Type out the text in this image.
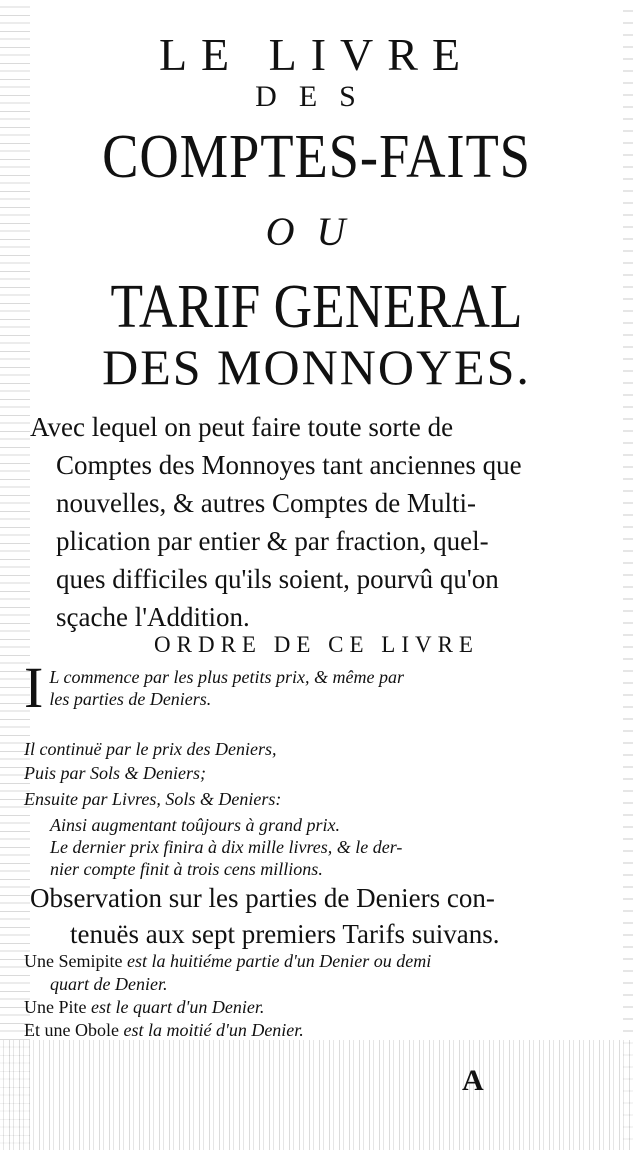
LE LIVRE
DES
COMPTES-FAITS
OU
TARIF GENERAL
DES MONNOYES.
Avec lequel on peut faire toute sorte de
Comptes des Monnoyes tant anciennes que
nouvelles, & autres Comptes de Multi-
plication par entier & par fraction, quel-
ques difficiles qu'ils soient, pourvû qu'on
sçache l'Addition.
ORDRE DE CE LIVRE
I L commence par les plus petits prix, & même par
les parties de Deniers.
Il continuë par le prix des Deniers,
Puis par Sols & Deniers;
Ensuite par Livres, Sols & Deniers:
Ainsi augmentant toûjours à grand prix.
Le dernier prix finira à dix mille livres, & le der-
nier compte finit à trois cens millions.
Observation sur les parties de Deniers con-
tenuës aux sept premiers Tarifs suivans.
Une Semipite est la huitiéme partie d'un Denier ou demi
quart de Denier.
Une Pite est le quart d'un Denier.
Et une Obole est la moitié d'un Denier.
A
